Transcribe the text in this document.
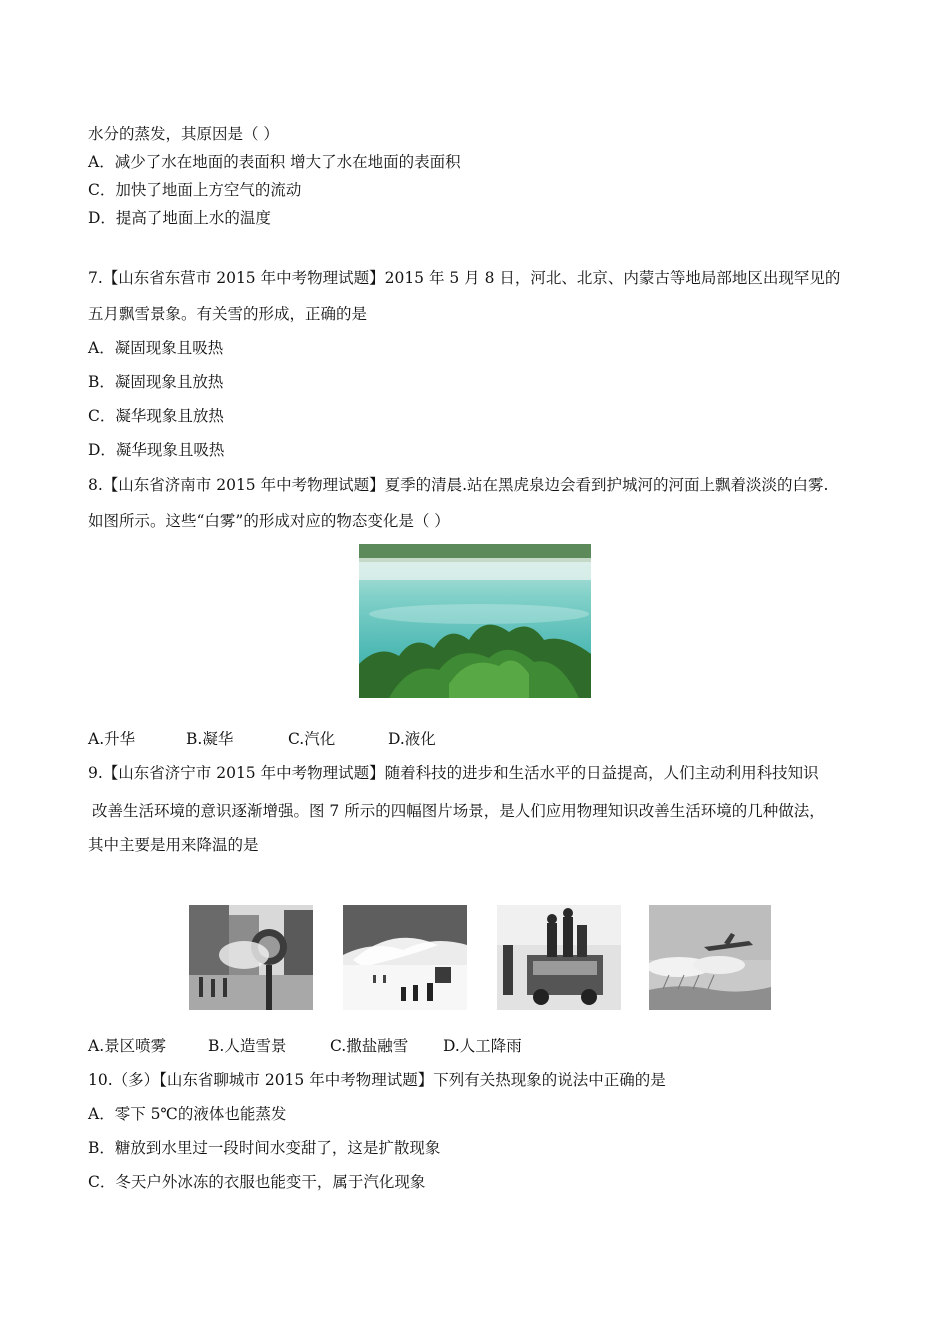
水分的蒸发，其原因是（ ）
A．减少了水在地面的表面积 增大了水在地面的表面积
C．加快了地面上方空气的流动
D．提高了地面上水的温度
7.【山东省东营市 2015 年中考物理试题】2015 年 5 月 8 日，河北、北京、内蒙古等地局部地区出现罕见的
五月飘雪景象。有关雪的形成，正确的是
A．凝固现象且吸热
B．凝固现象且放热
C．凝华现象且放热
D．凝华现象且吸热
8.【山东省济南市 2015 年中考物理试题】夏季的清晨.站在黑虎泉边会看到护城河的河面上飘着淡淡的白雾.
如图所示。这些“白雾”的形成对应的物态变化是（ ）
A.升华	B.凝华	C.汽化	D.液化
9.【山东省济宁市 2015 年中考物理试题】随着科技的进步和生活水平的日益提高，人们主动利用科技知识
改善生活环境的意识逐渐增强。图 7 所示的四幅图片场景，是人们应用物理知识改善生活环境的几种做法，
其中主要是用来降温的是
A.景区喷雾	B.人造雪景	C.撒盐融雪 D.人工降雨
10.（多）【山东省聊城市 2015 年中考物理试题】下列有关热现象的说法中正确的是
A．零下 5℃的液体也能蒸发
B．糖放到水里过一段时间水变甜了，这是扩散现象
C．冬天户外冰冻的衣服也能变干，属于汽化现象
